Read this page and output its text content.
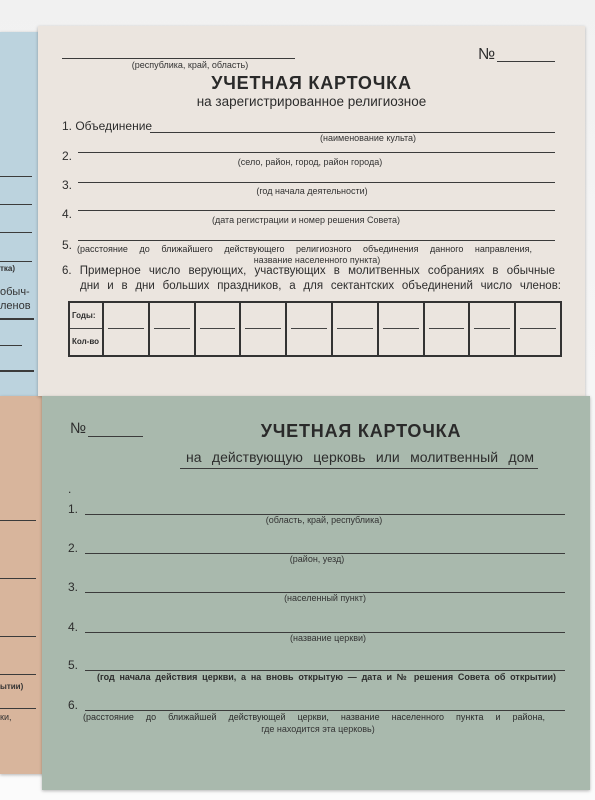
тка)
обыч-
ленов
ытии)
ки,
(республика, край, область)
№
УЧЕТНАЯ КАРТОЧКА
на зарегистрированное религиозное
1. Объединение
(наименование культа)
2.	(село, район, город, район города)
3.	(год начала деятельности)
4.	(дата регистрации и номер решения Совета)
5. (расстояние до ближайшего действующего религиозного объединения данного направления,
название населенного пункта)
6. Примерное число верующих, участвующих в молитвенных собраниях в обычные
дни и в дни больших праздников, а для сектантских объединений число членов:
Годы:
Кол-во
№	УЧЕТНАЯ КАРТОЧКА
на действующую церковь или молитвенный дом
.
1.
(область, край, республика)
2.
(район, уезд)
3.
(населенный пункт)
4.
(название церкви)
5.
(год начала действия церкви, а на вновь открытую — дата и № решения Совета об открытии)
6.
(расстояние до ближайшей действующей церкви, название населенного пункта и района,
где находится эта церковь)
